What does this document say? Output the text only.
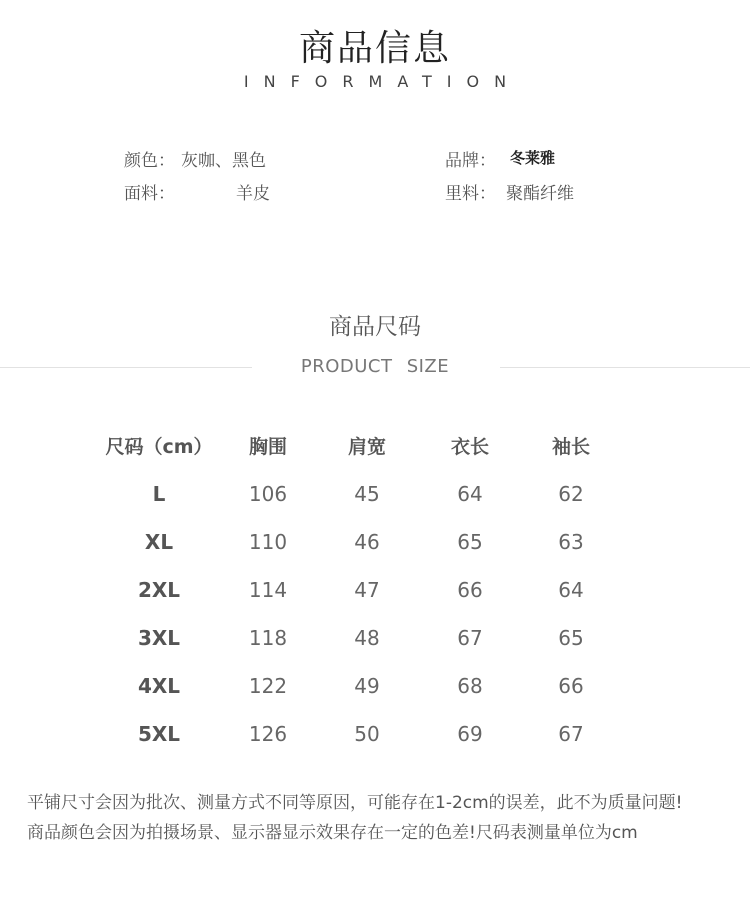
商品信息
INFORMATION
颜色： 灰咖、黑色	品牌： 冬莱雅
面料：	羊皮	里料： 聚酯纤维
商品尺码
PRODUCT SIZE
尺码（cm）	胸围	肩宽	衣长	袖长
L	106	45	64	62
XL	110	46	65	63
2XL	114	47	66	64
3XL	118	48	67	65
4XL	122	49	68	66
5XL	126	50	69	67
平铺尺寸会因为批次、测量方式不同等原因，可能存在1-2cm的误差，此不为质量问题!
商品颜色会因为拍摄场景、显示器显示效果存在一定的色差!尺码表测量单位为cm
